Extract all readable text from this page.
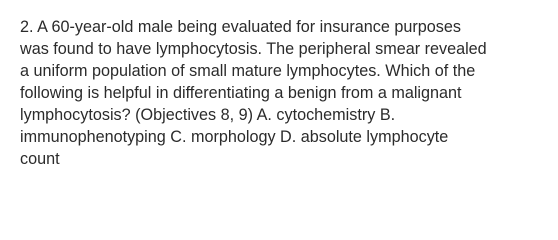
2. A 60-year-old male being evaluated for insurance purposes
was found to have lymphocytosis. The peripheral smear revealed
a uniform population of small mature lymphocytes. Which of the
following is helpful in differentiating a benign from a malignant
lymphocytosis? (Objectives 8, 9) A. cytochemistry B.
immunophenotyping C. morphology D. absolute lymphocyte
count
